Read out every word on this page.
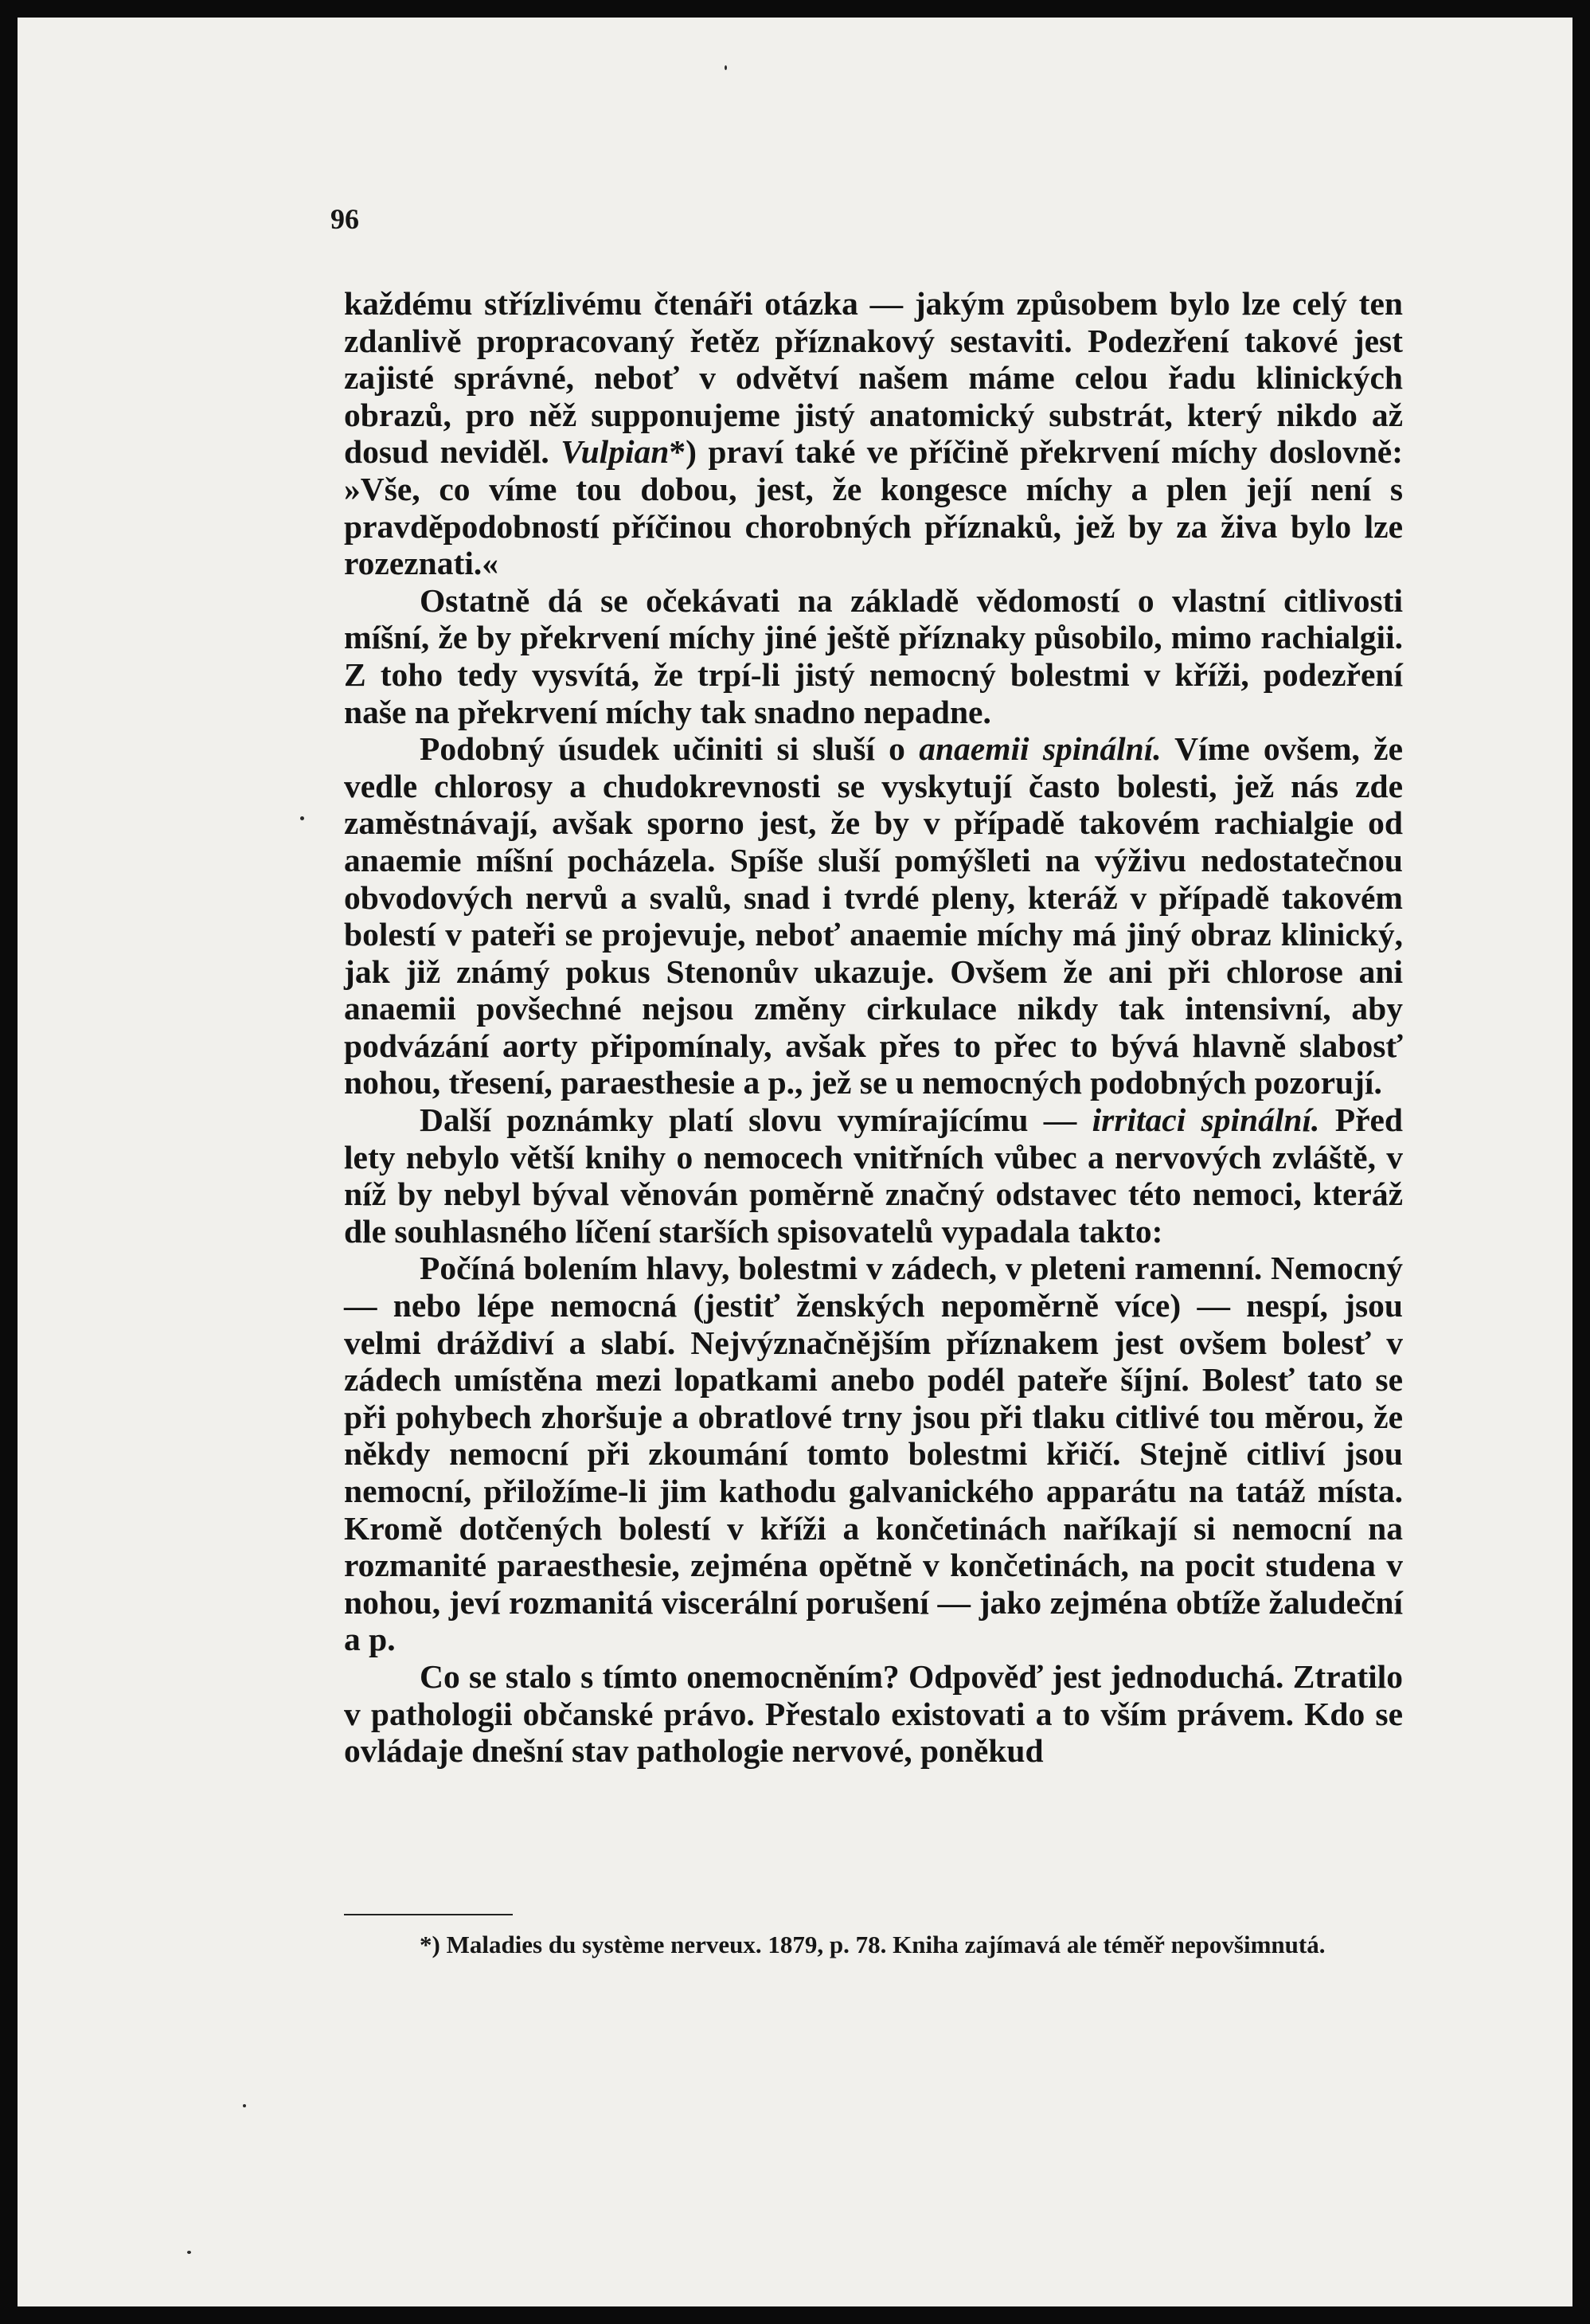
96

každému střízlivému čtenáři otázka — jakým způsobem bylo lze celý ten zdanlivě propracovaný řetěz příznakový sestaviti. Podezření takové jest zajisté správné, neboť v odvětví našem máme celou řadu klinických obrazů, pro něž supponujeme jistý anatomický substrát, který nikdo až dosud neviděl. Vulpian*) praví také ve příčině překrvení míchy doslovně: »Vše, co víme tou dobou, jest, že kongesce míchy a plen její není s pravděpodobností příčinou chorobných příznaků, jež by za živa bylo lze rozeznati.«

Ostatně dá se očekávati na základě vědomostí o vlastní citlivosti míšní, že by překrvení míchy jiné ještě příznaky působilo, mimo rachialgii. Z toho tedy vysvítá, že trpí-li jistý nemocný bolestmi v kříži, podezření naše na překrvení míchy tak snadno nepadne.

Podobný úsudek učiniti si sluší o anaemii spinální. Víme ovšem, že vedle chlorosy a chudokrevnosti se vyskytují často bolesti, jež nás zde zaměstnávají, avšak sporno jest, že by v případě takovém rachialgie od anaemie míšní pocházela. Spíše sluší pomýšleti na výživu nedostatečnou obvodových nervů a svalů, snad i tvrdé pleny, kteráž v případě takovém bolestí v pateři se projevuje, neboť anaemie míchy má jiný obraz klinický, jak již známý pokus Stenonův ukazuje. Ovšem že ani při chlorose ani anaemii povšechné nejsou změny cirkulace nikdy tak intensivní, aby podvázání aorty připomínaly, avšak přes to přec to bývá hlavně slabosť nohou, třesení, paraesthesie a p., jež se u nemocných podobných pozorují.

Další poznámky platí slovu vymírajícímu — irritaci spinální. Před lety nebylo větší knihy o nemocech vnitřních vůbec a nervových zvláště, v níž by nebyl býval věnován poměrně značný odstavec této nemoci, kteráž dle souhlasného líčení starších spisovatelů vypadala takto:

Počíná bolením hlavy, bolestmi v zádech, v pleteni ramenní. Nemocný — nebo lépe nemocná (jestiť ženských nepoměrně více) — nespí, jsou velmi dráždiví a slabí. Nejvýznačnějším příznakem jest ovšem bolesť v zádech umístěna mezi lopatkami anebo podél pateře šíjní. Bolesť tato se při pohybech zhoršuje a obratlové trny jsou při tlaku citlivé tou měrou, že někdy nemocní při zkoumání tomto bolestmi křičí. Stejně citliví jsou nemocní, přiložíme-li jim kathodu galvanického apparátu na tatáž místa. Kromě dotčených bolestí v kříži a končetinách naříkají si nemocní na rozmanité paraesthesie, zejména opětně v končetinách, na pocit studena v nohou, jeví rozmanitá viscerální porušení — jako zejména obtíže žaludeční a p.

Co se stalo s tímto onemocněním? Odpověď jest jednoduchá. Ztratilo v pathologii občanské právo. Přestalo existovati a to vším právem. Kdo se ovládaje dnešní stav pathologie nervové, poněkud

*) Maladies du système nerveux. 1879, p. 78. Kniha zajímavá ale téměř nepovšimnutá.
